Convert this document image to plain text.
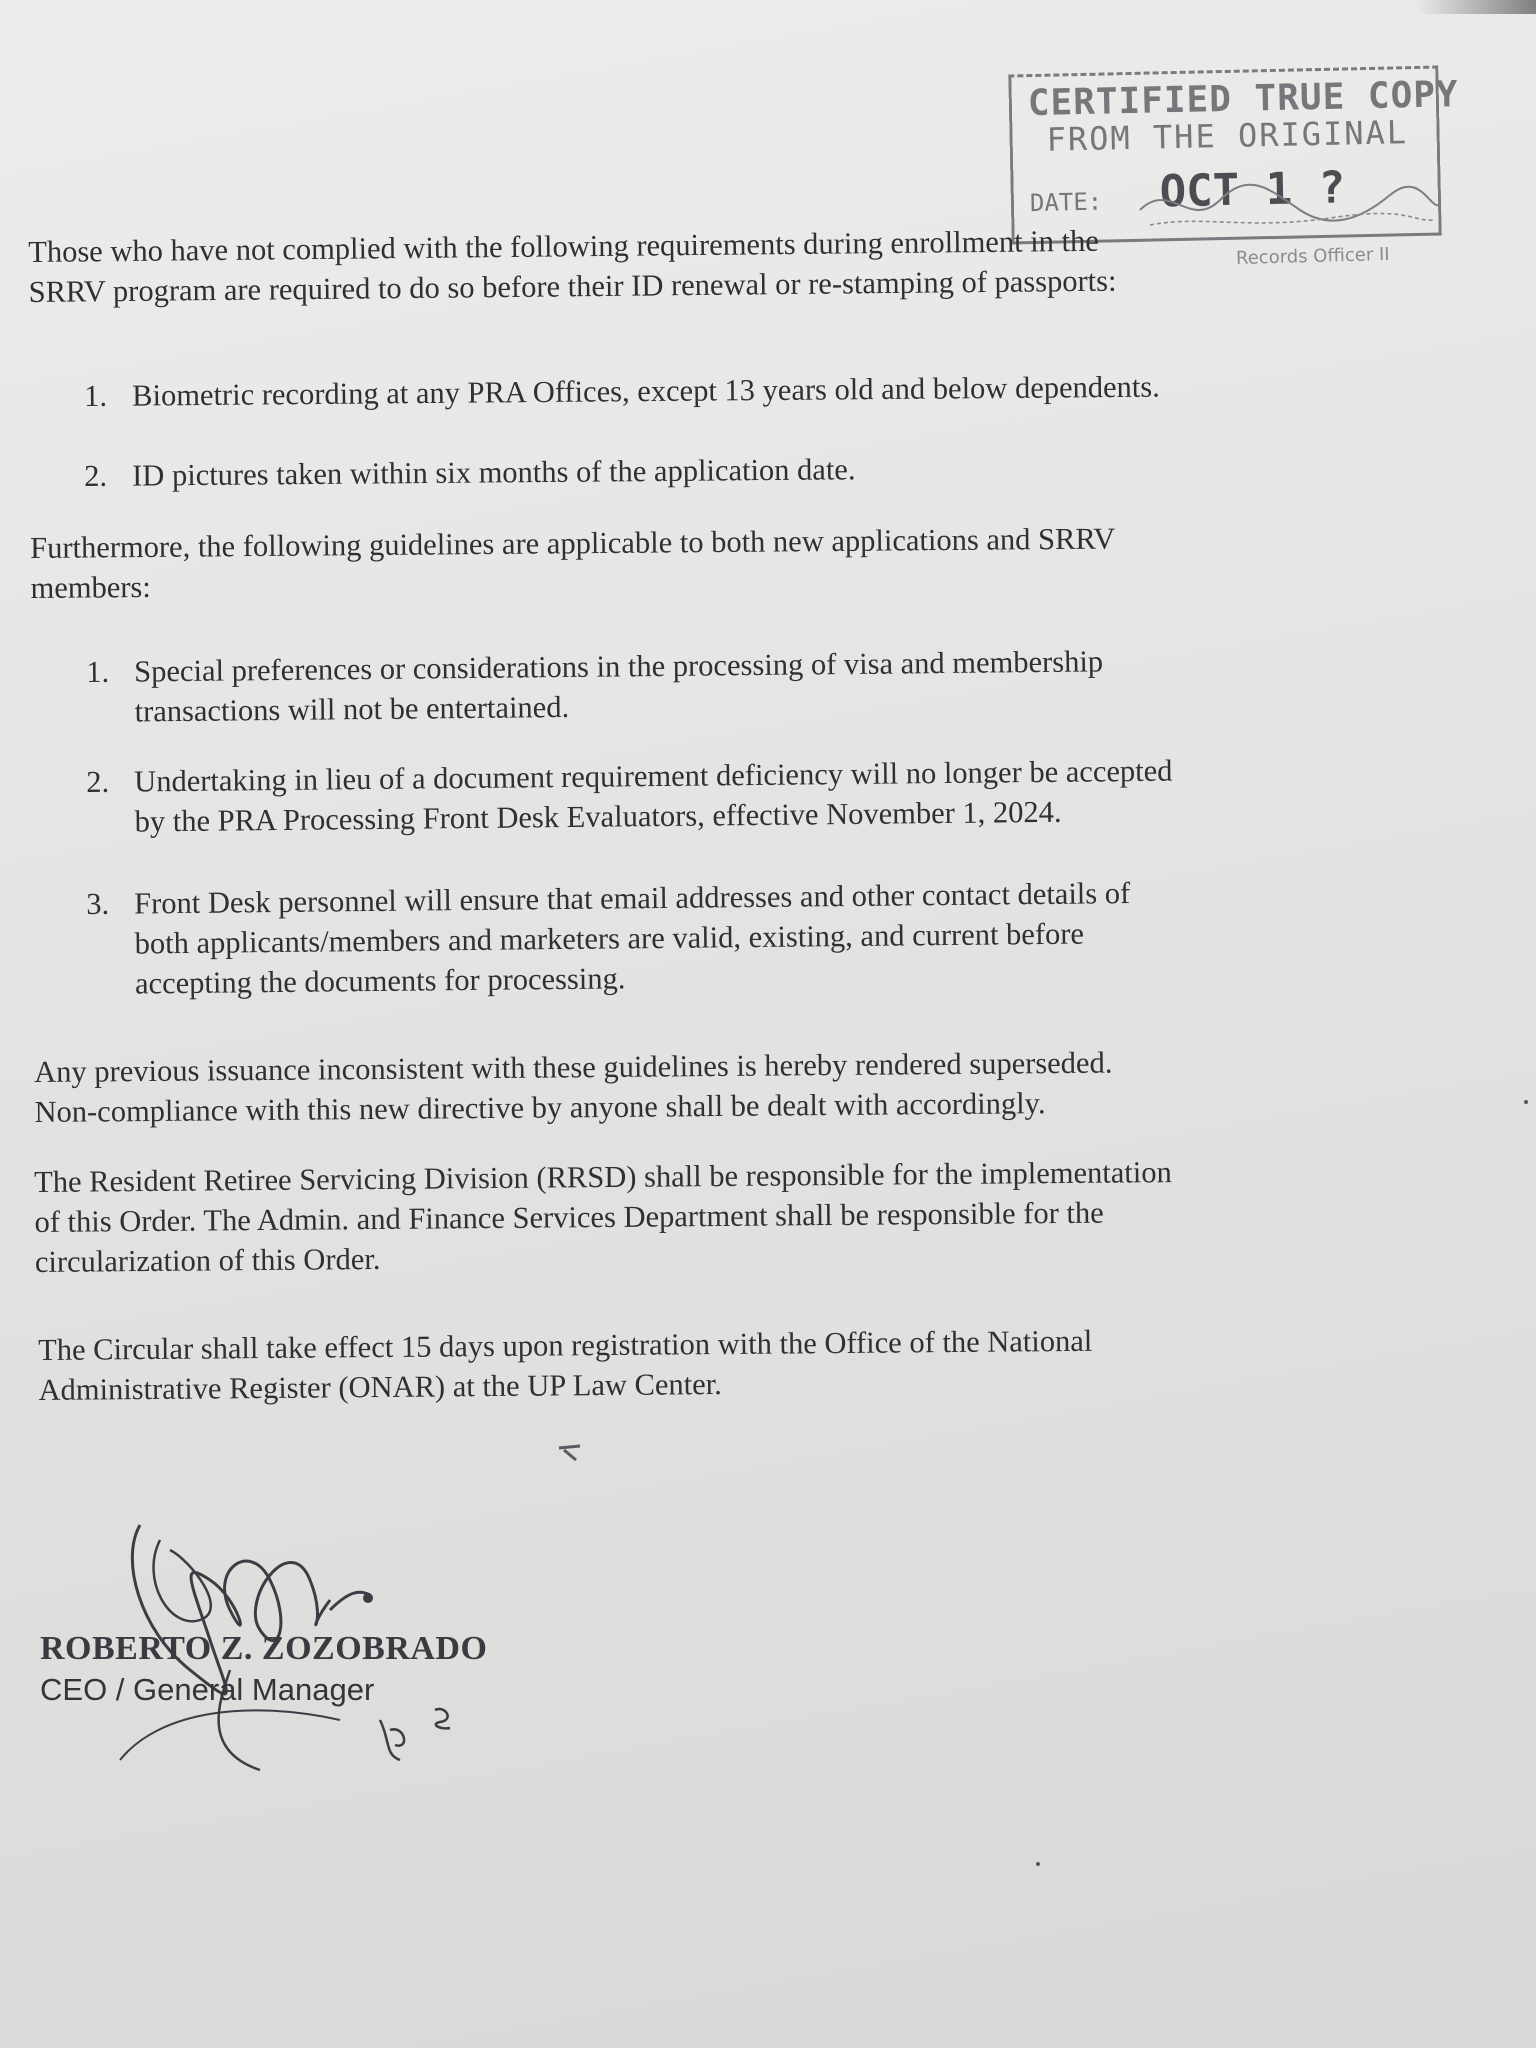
CERTIFIED TRUE COPY
FROM THE ORIGINAL
DATE: OCT 1 ?
Records Officer II
Those who have not complied with the following requirements during enrollment in the
SRRV program are required to do so before their ID renewal or re-stamping of passports:
1. Biometric recording at any PRA Offices, except 13 years old and below dependents.
2. ID pictures taken within six months of the application date.
Furthermore, the following guidelines are applicable to both new applications and SRRV
members:
1. Special preferences or considerations in the processing of visa and membership
transactions will not be entertained.
2. Undertaking in lieu of a document requirement deficiency will no longer be accepted
by the PRA Processing Front Desk Evaluators, effective November 1, 2024.
3. Front Desk personnel will ensure that email addresses and other contact details of
both applicants/members and marketers are valid, existing, and current before
accepting the documents for processing.
Any previous issuance inconsistent with these guidelines is hereby rendered superseded.
Non-compliance with this new directive by anyone shall be dealt with accordingly.
The Resident Retiree Servicing Division (RRSD) shall be responsible for the implementation
of this Order. The Admin. and Finance Services Department shall be responsible for the
circularization of this Order.
The Circular shall take effect 15 days upon registration with the Office of the National
Administrative Register (ONAR) at the UP Law Center.
ROBERTO Z. ZOZOBRADO
CEO / General Manager
